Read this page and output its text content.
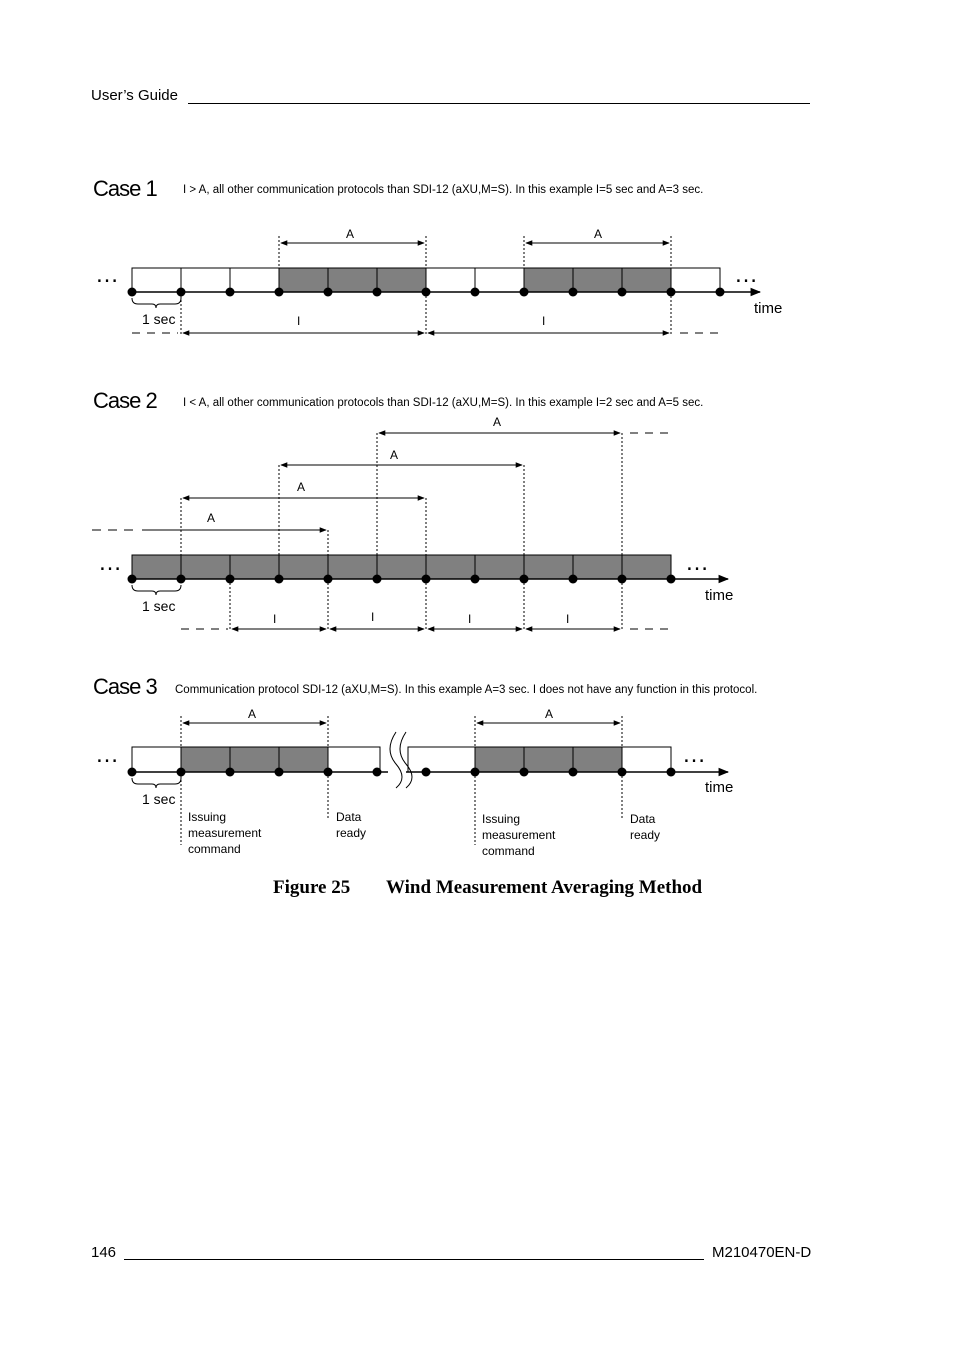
User’s Guide
Case 1 I > A, all other communication protocols than SDI-12 (aXU,M=S). In this example I=5 sec and A=3 sec.
…	…
time
A	A
1 sec	I	I
Case 2 I < A, all other communication protocols than SDI-12 (aXU,M=S). In this example I=2 sec and A=5 sec.
…	…
time
A
A
A
A
1 sec
I	I	I	I
Case 3 Communication protocol SDI-12 (aXU,M=S). In this example A=3 sec. I does not have any function in this protocol.
…	…
time
A	A
1 sec
Issuing
measurement
command
Data
ready
Issuing
measurement
command
Data
ready
Figure 25 Wind Measurement Averaging Method
146	M210470EN-D
